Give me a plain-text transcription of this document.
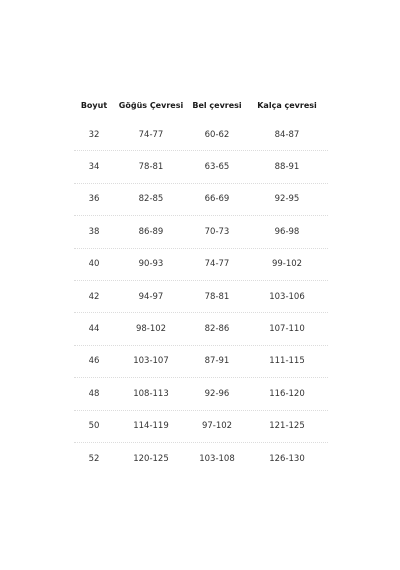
Boyut	Göğüs Çevresi	Bel çevresi	Kalça çevresi
32	74-77	60-62	84-87
34	78-81	63-65	88-91
36	82-85	66-69	92-95
38	86-89	70-73	96-98
40	90-93	74-77	99-102
42	94-97	78-81	103-106
44	98-102	82-86	107-110
46	103-107	87-91	111-115
48	108-113	92-96	116-120
50	114-119	97-102	121-125
52	120-125	103-108	126-130
